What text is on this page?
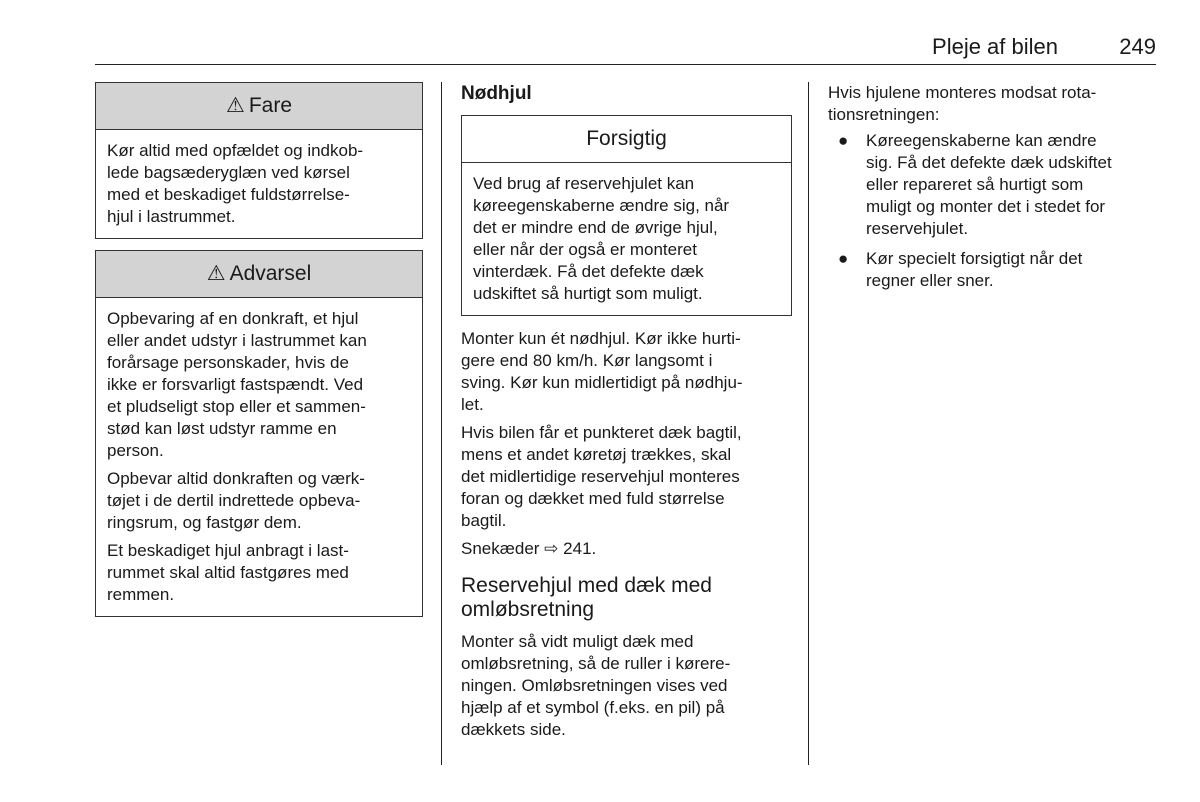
Pleje af bilen	249
⚠ Fare

Kør altid med opfældet og indkob-
lede bagsæderyglæn ved kørsel
med et beskadiget fuldstørrelse-
hjul i lastrummet.

⚠ Advarsel

Opbevaring af en donkraft, et hjul
eller andet udstyr i lastrummet kan
forårsage personskader, hvis de
ikke er forsvarligt fastspændt. Ved
et pludseligt stop eller et sammen-
stød kan løst udstyr ramme en
person.

Opbevar altid donkraften og værk-
tøjet i de dertil indrettede opbeva-
ringsrum, og fastgør dem.

Et beskadiget hjul anbragt i last-
rummet skal altid fastgøres med
remmen.

Nødhjul
Forsigtig
Ved brug af reservehjulet kan
køreegenskaberne ændre sig, når
det er mindre end de øvrige hjul,
eller når der også er monteret
vinterdæk. Få det defekte dæk
udskiftet så hurtigt som muligt.

Monter kun ét nødhjul. Kør ikke hurti-
gere end 80 km/h. Kør langsomt i
sving. Kør kun midlertidigt på nødhju-
let.

Hvis bilen får et punkteret dæk bagtil,
mens et andet køretøj trækkes, skal
det midlertidige reservehjul monteres
foran og dækket med fuld størrelse
bagtil.

Snekæder ⇨ 241.

Reservehjul med dæk med
omløbsretning

Monter så vidt muligt dæk med
omløbsretning, så de ruller i kørere-
ningen. Omløbsretningen vises ved
hjælp af et symbol (f.eks. en pil) på
dækkets side.

Hvis hjulene monteres modsat rota-
tionsretningen:

● Køreegenskaberne kan ændre
sig. Få det defekte dæk udskiftet
eller repareret så hurtigt som
muligt og monter det i stedet for
reservehjulet.
● Kør specielt forsigtigt når det
regner eller sner.
